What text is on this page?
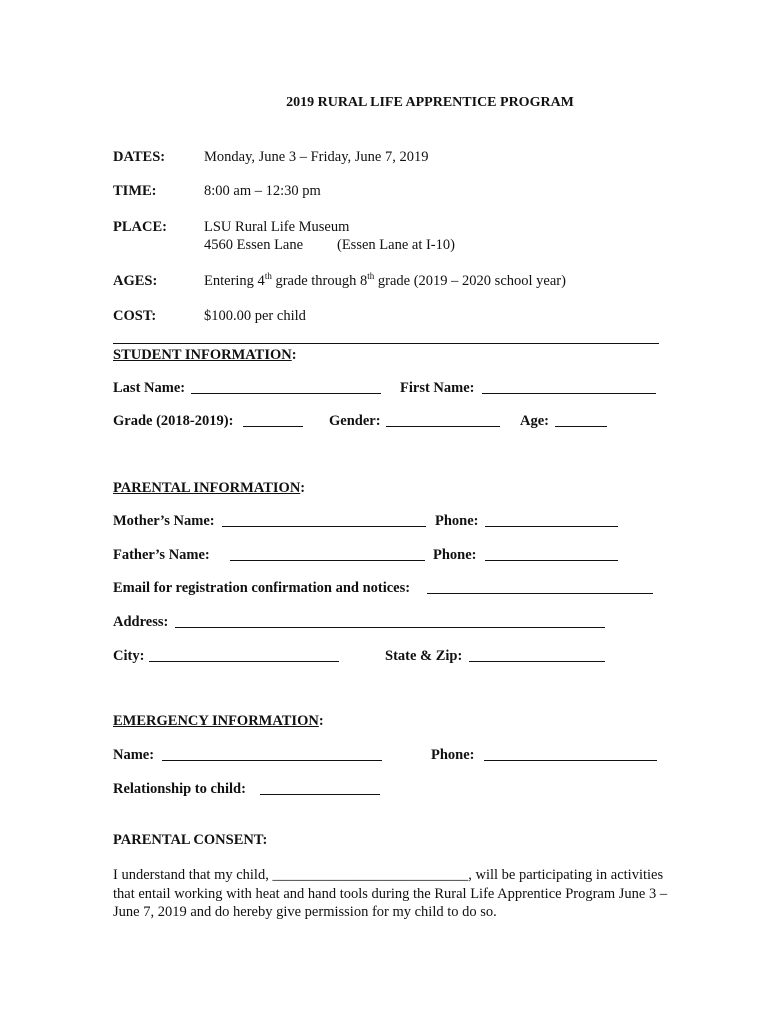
2019 RURAL LIFE APPRENTICE PROGRAM
DATES:	Monday, June 3 – Friday, June 7, 2019
TIME:	8:00 am – 12:30 pm
PLACE:	LSU Rural Life Museum
4560 Essen Lane (Essen Lane at I-10)
AGES:	Entering 4th grade through 8th grade (2019 – 2020 school year)
COST:	$100.00 per child
STUDENT INFORMATION:
Last Name:	First Name:
Grade (2018-2019):	Gender:	Age:
PARENTAL INFORMATION:
Mother’s Name:	Phone:
Father’s Name:	Phone:
Email for registration confirmation and notices:
Address:
City:	State & Zip:
EMERGENCY INFORMATION:
Name:	Phone:
Relationship to child:
PARENTAL CONSENT:
I understand that my child, ___________________________, will be participating in activities that entail working with heat and hand tools during the Rural Life Apprentice Program June 3 – June 7, 2019 and do hereby give permission for my child to do so.
